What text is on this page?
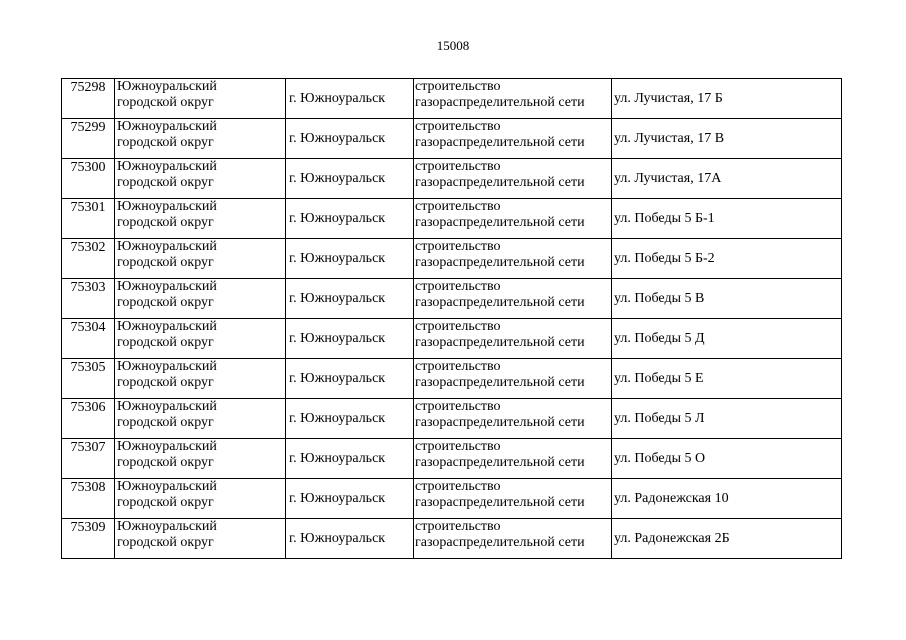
15008
75298	Южноуральский
городской округ	г. Южноуральск	строительство
газораспределительной сети	ул. Лучистая, 17 Б

75299	Южноуральский
городской округ	г. Южноуральск	строительство
газораспределительной сети	ул. Лучистая, 17 В

75300	Южноуральский
городской округ	г. Южноуральск	строительство
газораспределительной сети	ул. Лучистая, 17А

75301	Южноуральский
городской округ	г. Южноуральск	строительство
газораспределительной сети	ул. Победы 5 Б-1

75302	Южноуральский
городской округ	г. Южноуральск	строительство
газораспределительной сети	ул. Победы 5 Б-2

75303	Южноуральский
городской округ	г. Южноуральск	строительство
газораспределительной сети	ул. Победы 5 В

75304	Южноуральский
городской округ	г. Южноуральск	строительство
газораспределительной сети	ул. Победы 5 Д

75305	Южноуральский
городской округ	г. Южноуральск	строительство
газораспределительной сети	ул. Победы 5 Е

75306	Южноуральский
городской округ	г. Южноуральск	строительство
газораспределительной сети	ул. Победы 5 Л

75307	Южноуральский
городской округ	г. Южноуральск	строительство
газораспределительной сети	ул. Победы 5 О

75308	Южноуральский
городской округ	г. Южноуральск	строительство
газораспределительной сети	ул. Радонежская 10

75309	Южноуральский
городской округ	г. Южноуральск	строительство
газораспределительной сети	ул. Радонежская 2Б
